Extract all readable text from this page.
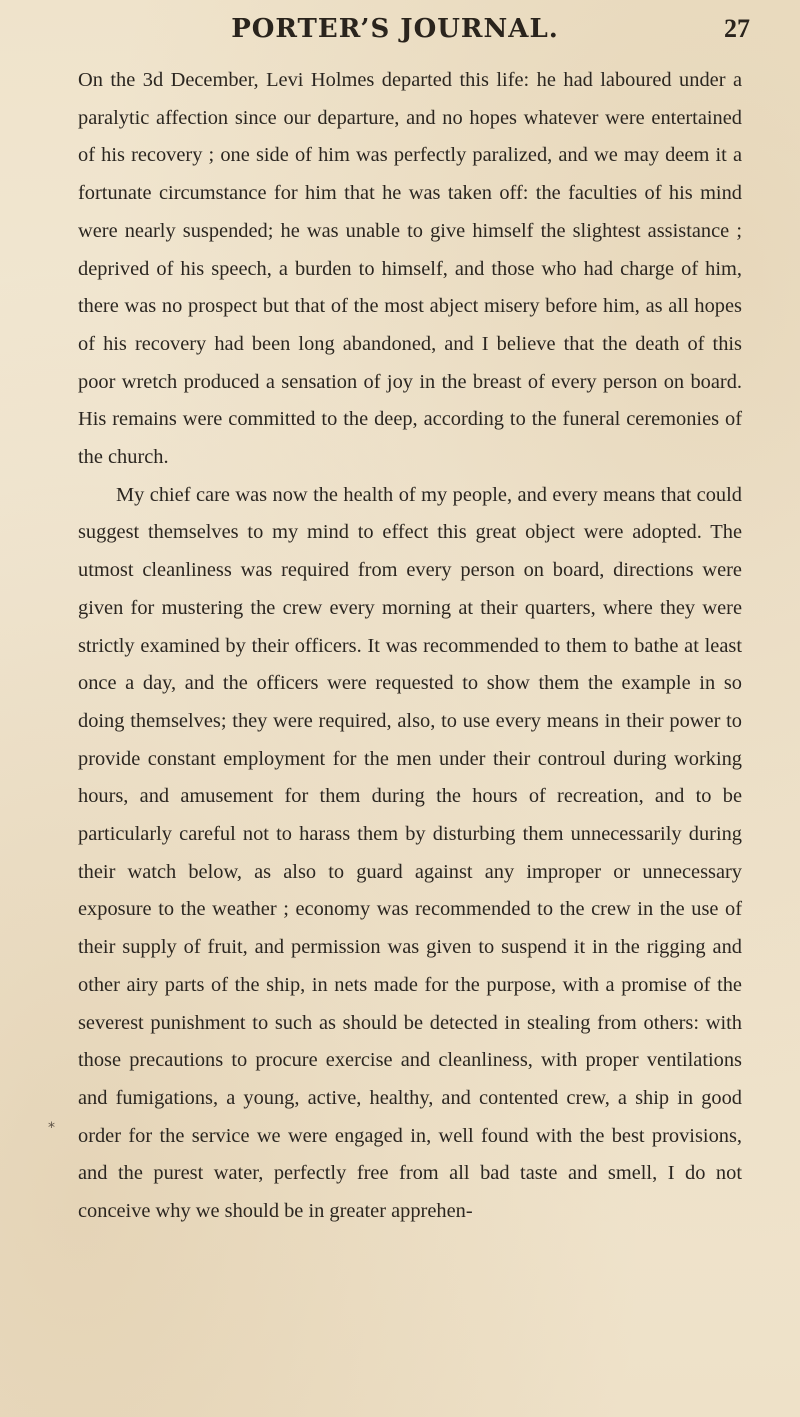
PORTER’S JOURNAL.	27

On the 3d December, Levi Holmes departed this life: he had laboured under a paralytic affection since our departure, and no hopes whatever were entertained of his recovery ; one side of him was perfectly paralized, and we may deem it a fortunate circumstance for him that he was taken off: the faculties of his mind were nearly suspended; he was unable to give himself the slightest assistance ; deprived of his speech, a burden to himself, and those who had charge of him, there was no prospect but that of the most abject misery before him, as all hopes of his recovery had been long abandoned, and I believe that the death of this poor wretch produced a sensation of joy in the breast of every person on board. His remains were committed to the deep, according to the funeral ceremonies of the church.

My chief care was now the health of my people, and every means that could suggest themselves to my mind to effect this great object were adopted. The utmost cleanliness was required from every person on board, directions were given for mustering the crew every morning at their quarters, where they were strictly examined by their officers. It was recommended to them to bathe at least once a day, and the officers were requested to show them the example in so doing themselves; they were required, also, to use every means in their power to provide constant employment for the men under their controul during working hours, and amusement for them during the hours of recreation, and to be particularly careful not to harass them by disturbing them unnecessarily during their watch below, as also to guard against any improper or unnecessary exposure to the weather ; economy was recommended to the crew in the use of their supply of fruit, and permission was given to suspend it in the rigging and other airy parts of the ship, in nets made for the purpose, with a promise of the severest punishment to such as should be detected in stealing from others: with those precautions to procure exercise and cleanliness, with proper ventilations and fumigations, a young, active, healthy, and contented crew, a ship in good order for the service we were engaged in, well found with the best provisions, and the purest water, perfectly free from all bad taste and smell, I do not conceive why we should be in greater apprehen-

*
